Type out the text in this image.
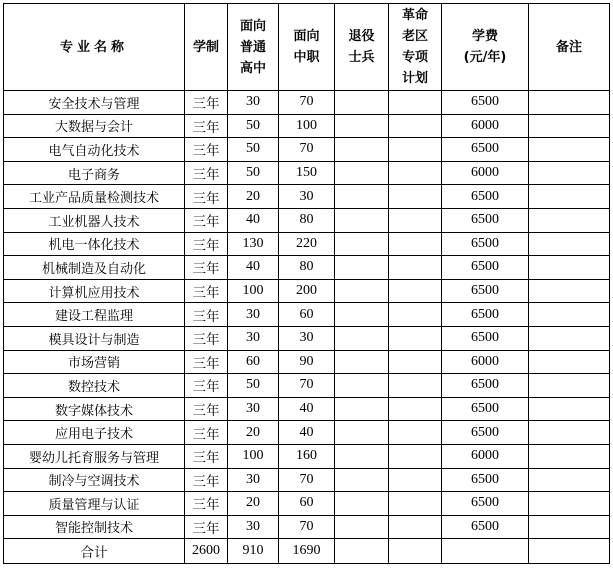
专业名称	学制	面向
普通
高中	面向
中职	退役
士兵	革命
老区
专项
计划	学费
(元/年)	备注
安全技术与管理	三年	30	70			6500	
大数据与会计	三年	50	100			6000	
电气自动化技术	三年	50	70			6500	
电子商务	三年	50	150			6000	
工业产品质量检测技术	三年	20	30			6500	
工业机器人技术	三年	40	80			6500	
机电一体化技术	三年	130	220			6500	
机械制造及自动化	三年	40	80			6500	
计算机应用技术	三年	100	200			6500	
建设工程监理	三年	30	60			6500	
模具设计与制造	三年	30	30			6500	
市场营销	三年	60	90			6000	
数控技术	三年	50	70			6500	
数字媒体技术	三年	30	40			6500	
应用电子技术	三年	20	40			6500	
婴幼儿托育服务与管理	三年	100	160			6000	
制冷与空调技术	三年	30	70			6500	
质量管理与认证	三年	20	60			6500	
智能控制技术	三年	30	70			6500	
合计	2600	910	1690				
